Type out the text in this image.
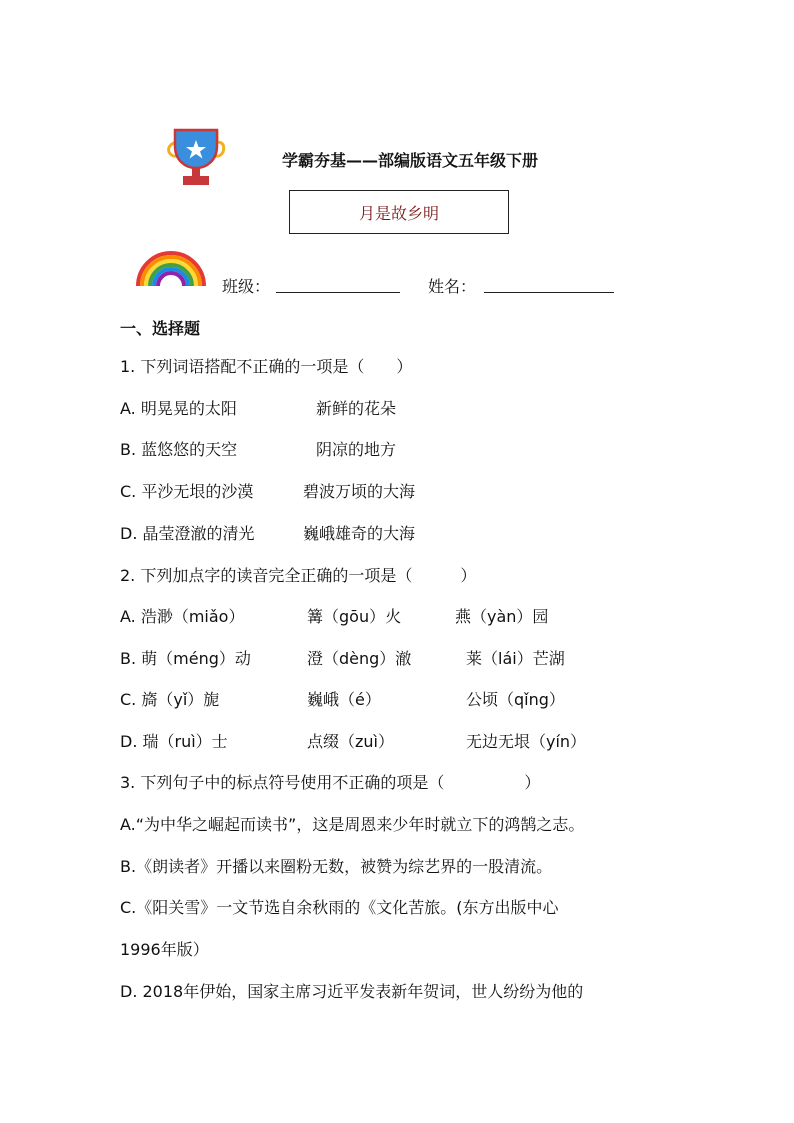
学霸夯基——部编版语文五年级下册
月是故乡明
班级：	姓名：
一、选择题
1. 下列词语搭配不正确的一项是（　　）
A. 明晃晃的太阳	新鲜的花朵
B. 蓝悠悠的天空	阴凉的地方
C. 平沙无垠的沙漠	碧波万顷的大海
D. 晶莹澄澈的清光	巍峨雄奇的大海
2. 下列加点字的读音完全正确的一项是（　　　）
A. 浩渺（miǎo）	篝（gōu）火	燕（yàn）园
B. 萌（méng）动	澄（dèng）澈	莱（lái）芒湖
C. 旖（yǐ）旎	巍峨（é）	公顷（qǐng）
D. 瑞（ruì）士	点缀（zuì）	无边无垠（yín）
3. 下列句子中的标点符号使用不正确的项是（　　　　　）
A.“为中华之崛起而读书”，这是周恩来少年时就立下的鸿鹄之志。
B.《朗读者》开播以来圈粉无数，被赞为综艺界的一股清流。
C.《阳关雪》一文节选自余秋雨的《文化苦旅。(东方出版中心
1996年版）
D. 2018年伊始，国家主席习近平发表新年贺词，世人纷纷为他的
